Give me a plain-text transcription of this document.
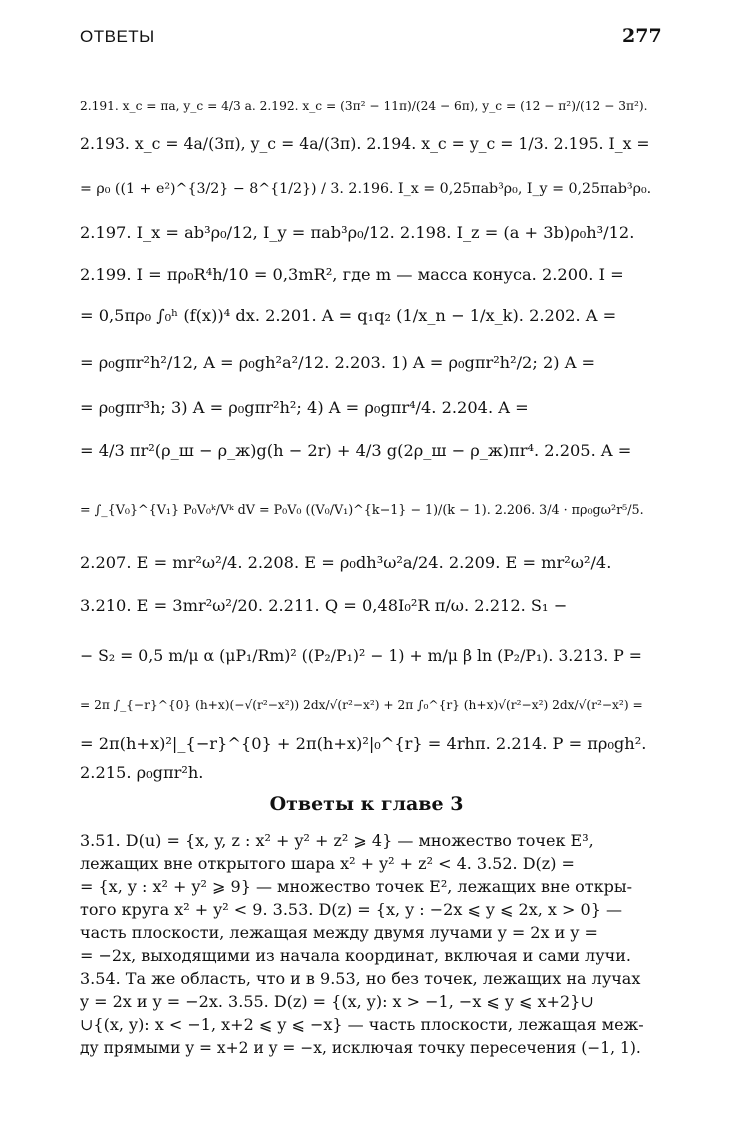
ОТВЕТЫ	277
2.191. x_c = πa, y_c = 4/3 a. 2.192. x_c = (3π² − 11π)/(24 − 6π), y_c = (12 − π²)/(12 − 3π²).
2.193. x_c = 4a/(3π), y_c = 4a/(3π). 2.194. x_c = y_c = 1/3. 2.195. I_x =
= ρ₀ ((1 + e²)^{3/2} − 8^{1/2}) / 3. 2.196. I_x = 0,25πab³ρ₀, I_y = 0,25πab³ρ₀.
2.197. I_x = ab³ρ₀/12, I_y = πab³ρ₀/12. 2.198. I_z = (a + 3b)ρ₀h³/12.
2.199. I = πρ₀R⁴h/10 = 0,3mR², где m — масса конуса. 2.200. I =
= 0,5πρ₀ ∫₀ʰ (f(x))⁴ dx. 2.201. A = q₁q₂ (1/x_n − 1/x_k). 2.202. A =
= ρ₀gπr²h²/12, A = ρ₀gh²a²/12. 2.203. 1) A = ρ₀gπr²h²/2; 2) A =
= ρ₀gπr³h; 3) A = ρ₀gπr²h²; 4) A = ρ₀gπr⁴/4. 2.204. A =
= 4/3 πr²(ρ_ш − ρ_ж)g(h − 2r) + 4/3 g(2ρ_ш − ρ_ж)πr⁴. 2.205. A =
= ∫_{V₀}^{V₁} P₀V₀ᵏ/Vᵏ dV = P₀V₀ ((V₀/V₁)^{k−1} − 1)/(k − 1). 2.206. 3/4 · πρ₀gω²r⁵/5.
2.207. E = mr²ω²/4. 2.208. E = ρ₀dh³ω²a/24. 2.209. E = mr²ω²/4.
3.210. E = 3mr²ω²/20. 2.211. Q = 0,48I₀²R π/ω. 2.212. S₁ −
− S₂ = 0,5 m/μ α (μP₁/Rm)² ((P₂/P₁)² − 1) + m/μ β ln (P₂/P₁). 3.213. P =
= 2π ∫_{−r}^{0} (h+x)(−√(r²−x²)) 2dx/√(r²−x²) + 2π ∫₀^{r} (h+x)√(r²−x²) 2dx/√(r²−x²) =
= 2π(h+x)²|_{−r}^{0} + 2π(h+x)²|₀^{r} = 4rhπ. 2.214. P = πρ₀gh².
2.215. ρ₀gπr²h.
Ответы к главе 3
3.51. D(u) = {x, y, z : x² + y² + z² ⩾ 4} — множество точек E³,
лежащих вне открытого шара x² + y² + z² < 4. 3.52. D(z) =
= {x, y : x² + y² ⩾ 9} — множество точек E², лежащих вне откры-
того круга x² + y² < 9. 3.53. D(z) = {x, y : −2x ⩽ y ⩽ 2x, x > 0} —
часть плоскости, лежащая между двумя лучами y = 2x и y =
= −2x, выходящими из начала координат, включая и сами лучи.
3.54. Та же область, что и в 9.53, но без точек, лежащих на лучах
y = 2x и y = −2x. 3.55. D(z) = {(x, y): x > −1, −x ⩽ y ⩽ x+2}∪
∪{(x, y): x < −1, x+2 ⩽ y ⩽ −x} — часть плоскости, лежащая меж-
ду прямыми y = x+2 и y = −x, исключая точку пересечения (−1, 1).
